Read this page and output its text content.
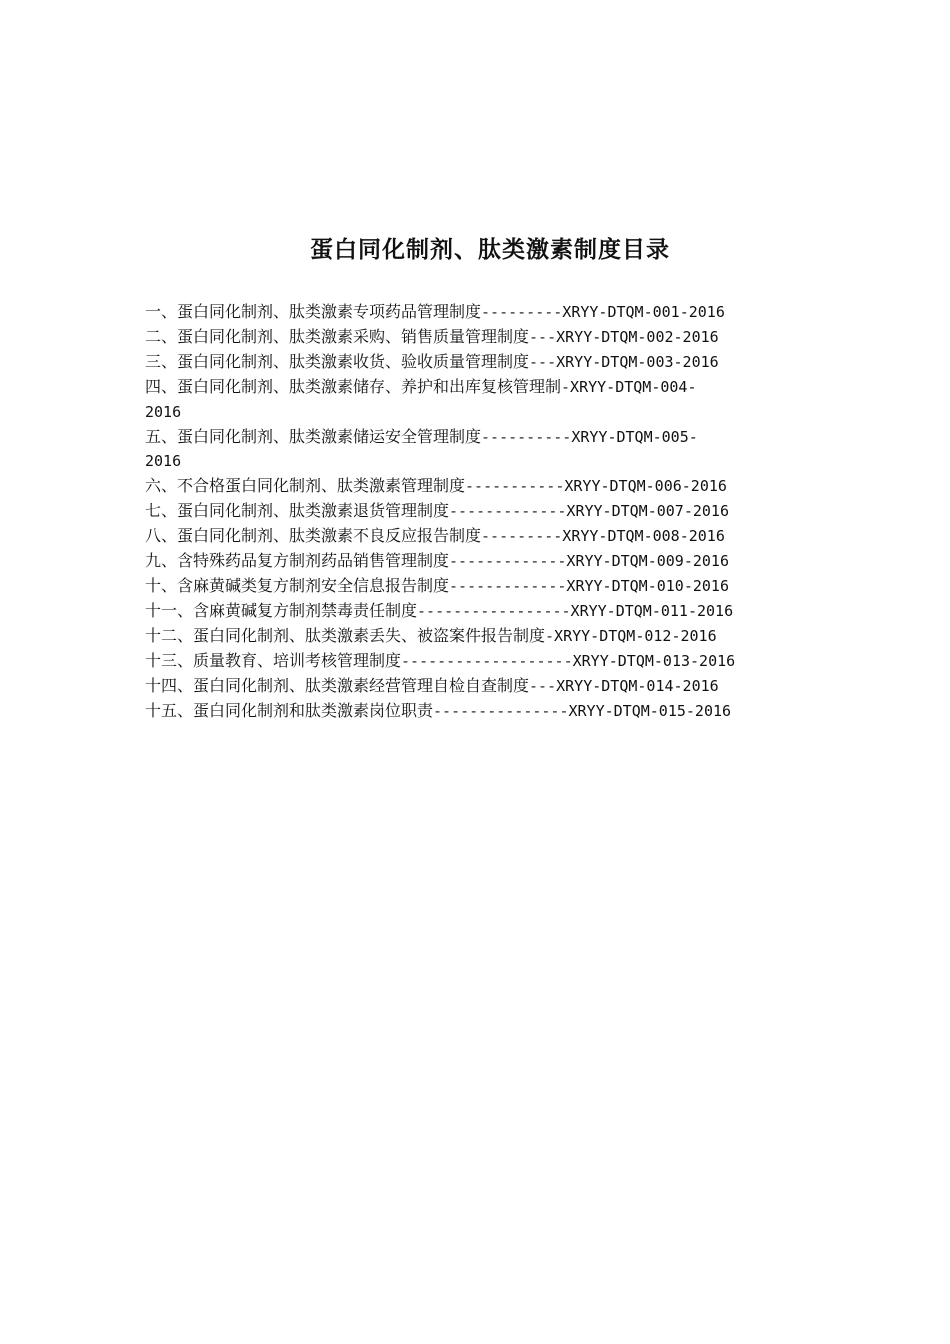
蛋白同化制剂、肽类激素制度目录
一、蛋白同化制剂、肽类激素专项药品管理制度---------XRYY-DTQM-001-2016
二、蛋白同化制剂、肽类激素采购、销售质量管理制度---XRYY-DTQM-002-2016
三、蛋白同化制剂、肽类激素收货、验收质量管理制度---XRYY-DTQM-003-2016
四、蛋白同化制剂、肽类激素储存、养护和出库复核管理制-XRYY-DTQM-004-
2016
五、蛋白同化制剂、肽类激素储运安全管理制度----------XRYY-DTQM-005-
2016
六、不合格蛋白同化制剂、肽类激素管理制度-----------XRYY-DTQM-006-2016
七、蛋白同化制剂、肽类激素退货管理制度-------------XRYY-DTQM-007-2016
八、蛋白同化制剂、肽类激素不良反应报告制度---------XRYY-DTQM-008-2016
九、含特殊药品复方制剂药品销售管理制度-------------XRYY-DTQM-009-2016
十、含麻黄碱类复方制剂安全信息报告制度-------------XRYY-DTQM-010-2016
十一、含麻黄碱复方制剂禁毒责任制度-----------------XRYY-DTQM-011-2016
十二、蛋白同化制剂、肽类激素丢失、被盗案件报告制度-XRYY-DTQM-012-2016
十三、质量教育、培训考核管理制度-------------------XRYY-DTQM-013-2016
十四、蛋白同化制剂、肽类激素经营管理自检自查制度---XRYY-DTQM-014-2016
十五、蛋白同化制剂和肽类激素岗位职责---------------XRYY-DTQM-015-2016
